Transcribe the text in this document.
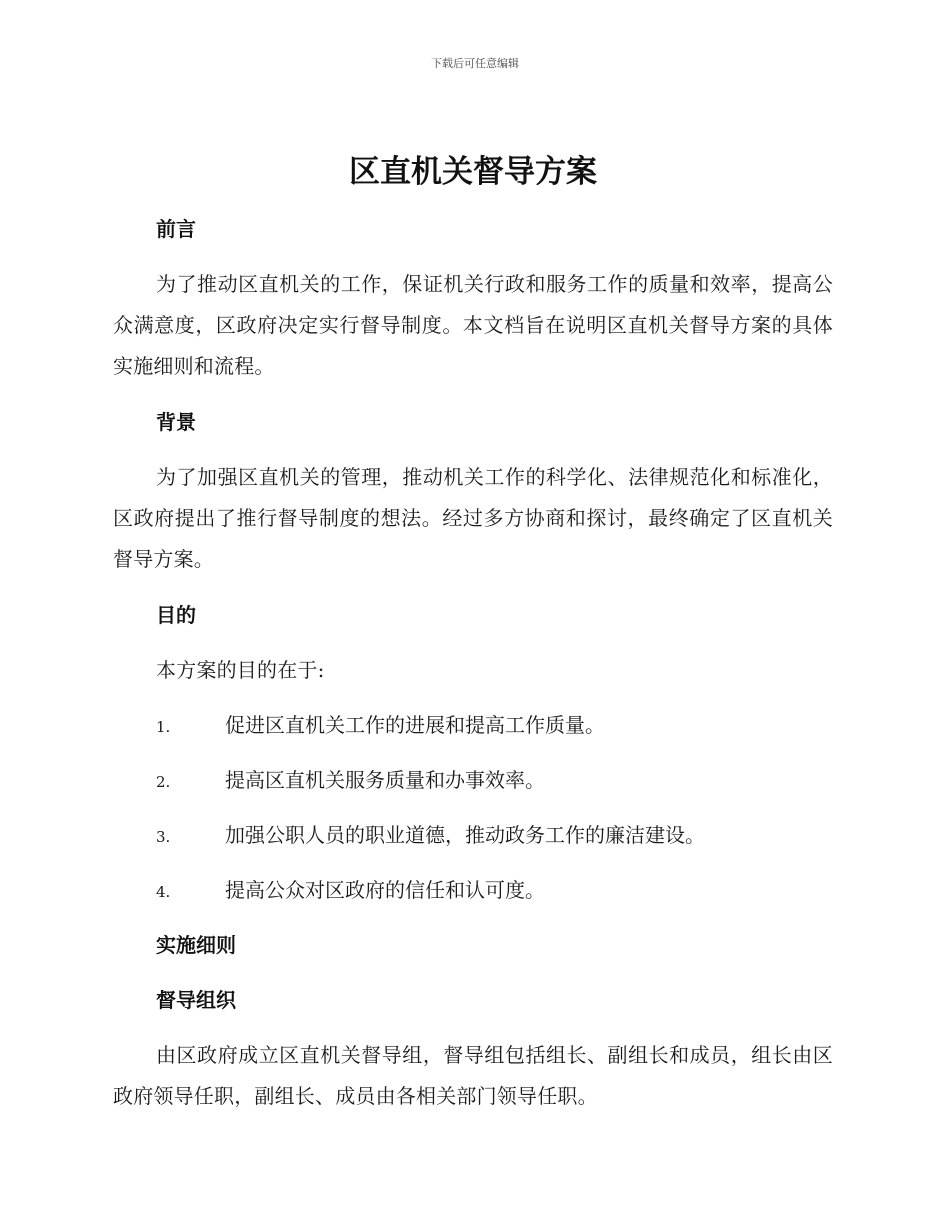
下载后可任意编辑
区直机关督导方案
前言

为了推动区直机关的工作，保证机关行政和服务工作的质量和效率，提高公众满意度，区政府决定实行督导制度。本文档旨在说明区直机关督导方案的具体实施细则和流程。

背景

为了加强区直机关的管理，推动机关工作的科学化、法律规范化和标准化，区政府提出了推行督导制度的想法。经过多方协商和探讨，最终确定了区直机关督导方案。

目的

本方案的目的在于:

1.	促进区直机关工作的进展和提高工作质量。
2.	提高区直机关服务质量和办事效率。
3.	加强公职人员的职业道德，推动政务工作的廉洁建设。
4.	提高公众对区政府的信任和认可度。
实施细则
督导组织

由区政府成立区直机关督导组，督导组包括组长、副组长和成员，组长由区政府领导任职，副组长、成员由各相关部门领导任职。
